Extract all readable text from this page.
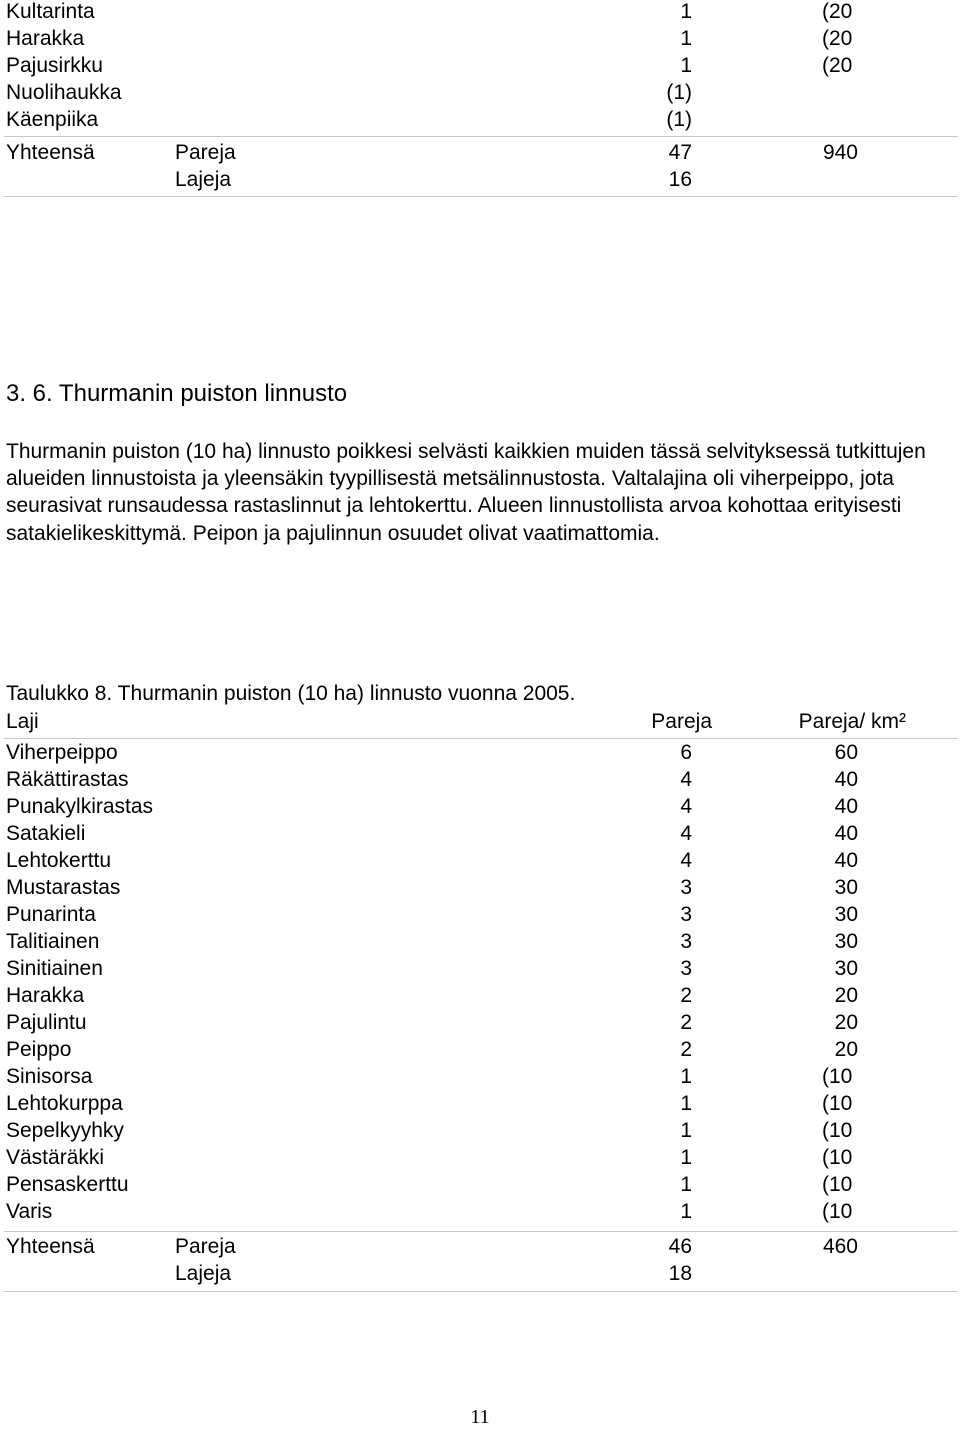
Kultarinta	1	(20
Harakka	1	(20
Pajusirkku	1	(20
Nuolihaukka	(1)
Käenpiika	(1)
Yhteensä	Pareja	47	940
Lajeja	16
3. 6. Thurmanin puiston linnusto
Thurmanin puiston (10 ha) linnusto poikkesi selvästi kaikkien muiden tässä selvityksessä tutkittujen alueiden linnustoista ja yleensäkin tyypillisestä metsälinnustosta. Valtalajina oli viherpeippo, jota seurasivat runsaudessa rastaslinnut ja lehtokerttu. Alueen linnustollista arvoa kohottaa erityisesti satakielikeskittymä. Peipon ja pajulinnun osuudet olivat vaatimattomia.
Taulukko 8. Thurmanin puiston (10 ha) linnusto vuonna 2005.
Laji	Pareja	Pareja/ km²
Viherpeippo	6	60
Räkättirastas	4	40
Punakylkirastas	4	40
Satakieli	4	40
Lehtokerttu	4	40
Mustarastas	3	30
Punarinta	3	30
Talitiainen	3	30
Sinitiainen	3	30
Harakka	2	20
Pajulintu	2	20
Peippo	2	20
Sinisorsa	1	(10
Lehtokurppa	1	(10
Sepelkyyhky	1	(10
Västäräkki	1	(10
Pensaskerttu	1	(10
Varis	1	(10
Yhteensä	Pareja	46	460
Lajeja	18
11
